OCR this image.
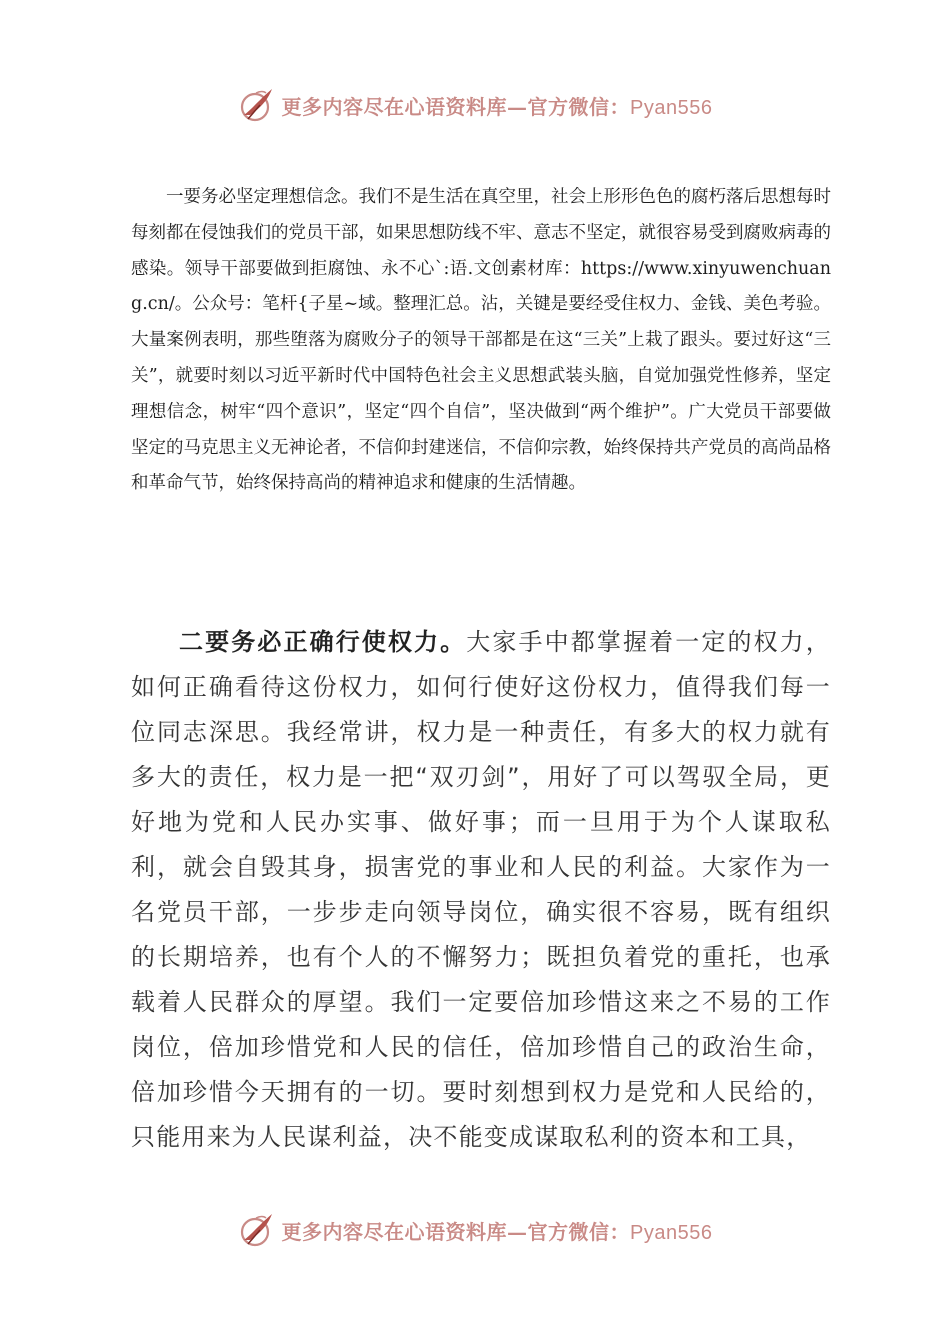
更多内容尽在心语资料库—官方微信：Pyan556

一要务必坚定理想信念。我们不是生活在真空里，社会上形形色色的腐朽落后思想每时每刻都在侵蚀我们的党员干部，如果思想防线不牢、意志不坚定，就很容易受到腐败病毒的感染。领导干部要做到拒腐蚀、永不心`:语.文创素材库：https://www.xinyuwenchuang.cn/。公众号：笔杆{子星~域。整理汇总。沾，关键是要经受住权力、金钱、美色考验。大量案例表明，那些堕落为腐败分子的领导干部都是在这“三关”上栽了跟头。要过好这“三关”，就要时刻以习近平新时代中国特色社会主义思想武装头脑，自觉加强党性修养，坚定理想信念，树牢“四个意识”，坚定“四个自信”，坚决做到“两个维护”。广大党员干部要做坚定的马克思主义无神论者，不信仰封建迷信，不信仰宗教，始终保持共产党员的高尚品格和革命气节，始终保持高尚的精神追求和健康的生活情趣。

二要务必正确行使权力。大家手中都掌握着一定的权力，如何正确看待这份权力，如何行使好这份权力，值得我们每一位同志深思。我经常讲，权力是一种责任，有多大的权力就有多大的责任，权力是一把“双刃剑”，用好了可以驾驭全局，更好地为党和人民办实事、做好事；而一旦用于为个人谋取私利，就会自毁其身，损害党的事业和人民的利益。大家作为一名党员干部，一步步走向领导岗位，确实很不容易，既有组织的长期培养，也有个人的不懈努力；既担负着党的重托，也承载着人民群众的厚望。我们一定要倍加珍惜这来之不易的工作岗位，倍加珍惜党和人民的信任，倍加珍惜自己的政治生命，倍加珍惜今天拥有的一切。要时刻想到权力是党和人民给的，只能用来为人民谋利益，决不能变成谋取私利的资本和工具，

更多内容尽在心语资料库—官方微信：Pyan556
